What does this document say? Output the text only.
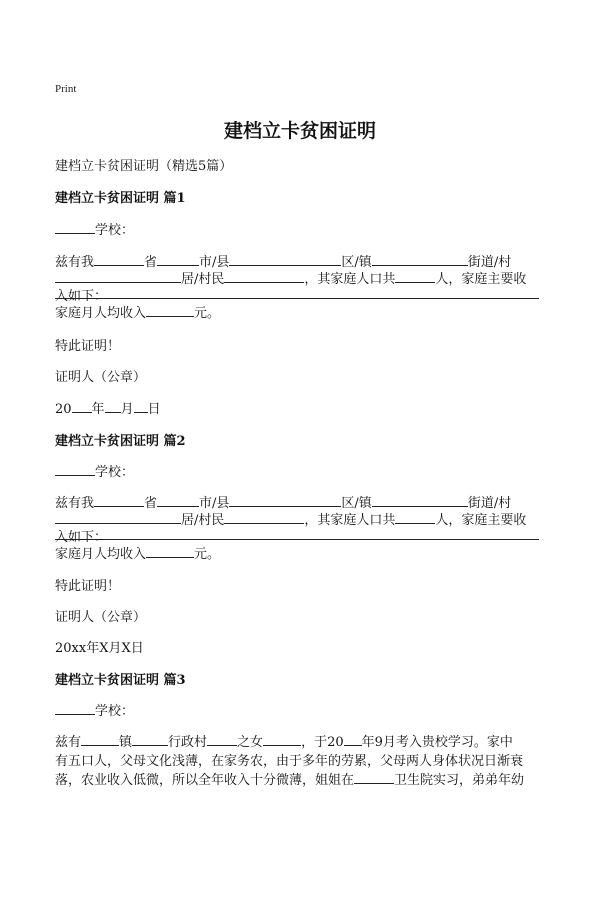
Print
建档立卡贫困证明
建档立卡贫困证明（精选5篇）
建档立卡贫困证明 篇1
学校：
兹有我	省	市/县	区/镇	街道/村
居/村民	，其家庭人口共	人，家庭主要收
入如下：
家庭月人均收入	元。
特此证明！
证明人（公章）
20 年 月 日
建档立卡贫困证明 篇2
学校：
兹有我	省	市/县	区/镇	街道/村
居/村民	，其家庭人口共	人，家庭主要收
入如下：
家庭月人均收入	元。
特此证明！
证明人（公章）
20xx年X月X日
建档立卡贫困证明 篇3
学校：
兹有	镇	行政村 之女	，于20 年9月考入贵校学习。家中
有五口人，父母文化浅薄，在家务农，由于多年的劳累，父母两人身体状况日渐衰
落，农业收入低微，所以全年收入十分微薄，姐姐在	卫生院实习，弟弟年幼
